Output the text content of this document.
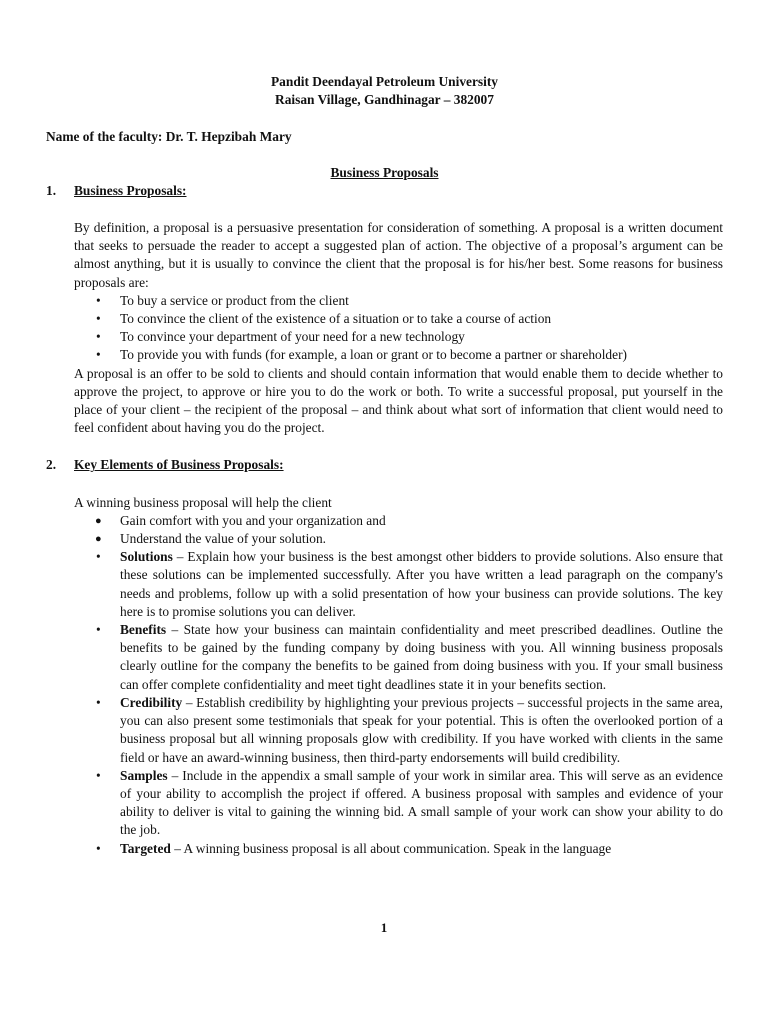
Pandit Deendayal Petroleum University
Raisan Village, Gandhinagar – 382007
Name of the faculty: Dr. T. Hepzibah Mary
Business Proposals
1.	Business Proposals:
By definition, a proposal is a persuasive presentation for consideration of something. A proposal is a written document that seeks to persuade the reader to accept a suggested plan of action. The objective of a proposal’s argument can be almost anything, but it is usually to convince the client that the proposal is for his/her best. Some reasons for business proposals are:
• To buy a service or product from the client
• To convince the client of the existence of a situation or to take a course of action
• To convince your department of your need for a new technology
• To provide you with funds (for example, a loan or grant or to become a partner or shareholder)
A proposal is an offer to be sold to clients and should contain information that would enable them to decide whether to approve the project, to approve or hire you to do the work or both. To write a successful proposal, put yourself in the place of your client – the recipient of the proposal – and think about what sort of information that client would need to feel confident about having you do the project.
2.	Key Elements of Business Proposals:
A winning business proposal will help the client
● Gain comfort with you and your organization and
● Understand the value of your solution.
• Solutions – Explain how your business is the best amongst other bidders to provide solutions. Also ensure that these solutions can be implemented successfully. After you have written a lead paragraph on the company's needs and problems, follow up with a solid presentation of how your business can provide solutions. The key here is to promise solutions you can deliver.
• Benefits – State how your business can maintain confidentiality and meet prescribed deadlines. Outline the benefits to be gained by the funding company by doing business with you. All winning business proposals clearly outline for the company the benefits to be gained from doing business with you. If your small business can offer complete confidentiality and meet tight deadlines state it in your benefits section.
• Credibility – Establish credibility by highlighting your previous projects – successful projects in the same area, you can also present some testimonials that speak for your potential. This is often the overlooked portion of a business proposal but all winning proposals glow with credibility. If you have worked with clients in the same field or have an award-winning business, then third-party endorsements will build credibility.
• Samples – Include in the appendix a small sample of your work in similar area. This will serve as an evidence of your ability to accomplish the project if offered. A business proposal with samples and evidence of your ability to deliver is vital to gaining the winning bid. A small sample of your work can show your ability to do the job.
• Targeted – A winning business proposal is all about communication. Speak in the language
1
